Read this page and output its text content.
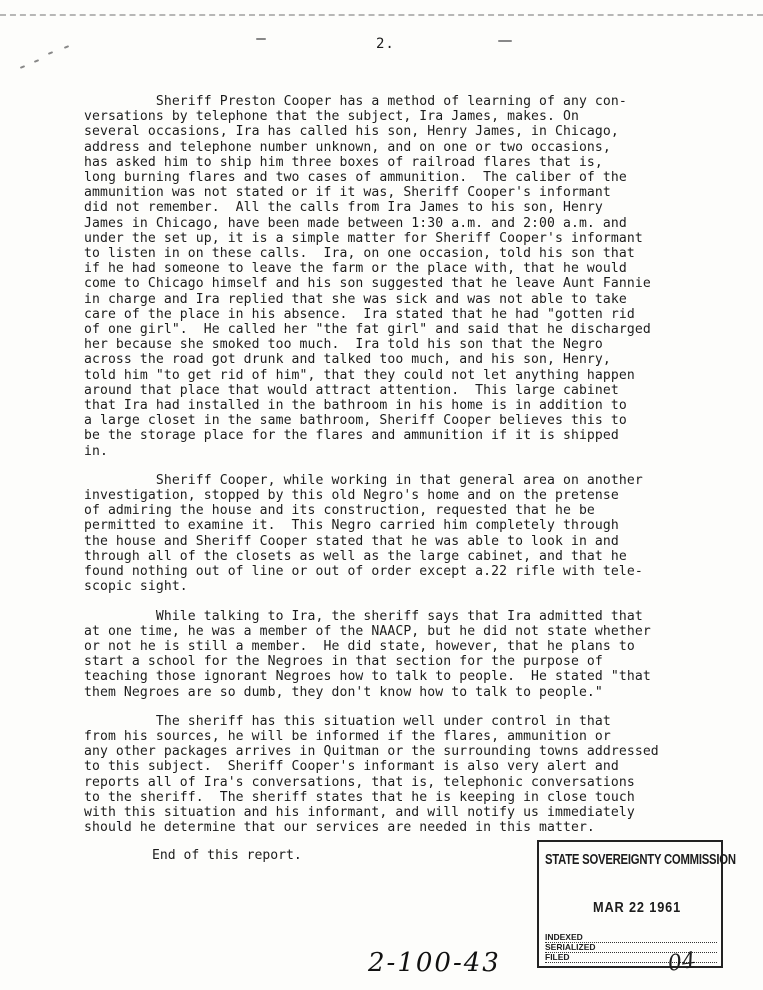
2.

Sheriff Preston Cooper has a method of learning of any con-
versations by telephone that the subject, Ira James, makes. On
several occasions, Ira has called his son, Henry James, in Chicago,
address and telephone number unknown, and on one or two occasions,
has asked him to ship him three boxes of railroad flares that is,
long burning flares and two cases of ammunition.  The caliber of the
ammunition was not stated or if it was, Sheriff Cooper's informant
did not remember.  All the calls from Ira James to his son, Henry
James in Chicago, have been made between 1:30 a.m. and 2:00 a.m. and
under the set up, it is a simple matter for Sheriff Cooper's informant
to listen in on these calls.  Ira, on one occasion, told his son that
if he had someone to leave the farm or the place with, that he would
come to Chicago himself and his son suggested that he leave Aunt Fannie
in charge and Ira replied that she was sick and was not able to take
care of the place in his absence.  Ira stated that he had "gotten rid
of one girl".  He called her "the fat girl" and said that he discharged
her because she smoked too much.  Ira told his son that the Negro
across the road got drunk and talked too much, and his son, Henry,
told him "to get rid of him", that they could not let anything happen
around that place that would attract attention.  This large cabinet
that Ira had installed in the bathroom in his home is in addition to
a large closet in the same bathroom, Sheriff Cooper believes this to
be the storage place for the flares and ammunition if it is shipped
in.

Sheriff Cooper, while working in that general area on another
investigation, stopped by this old Negro's home and on the pretense
of admiring the house and its construction, requested that he be
permitted to examine it.  This Negro carried him completely through
the house and Sheriff Cooper stated that he was able to look in and
through all of the closets as well as the large cabinet, and that he
found nothing out of line or out of order except a.22 rifle with tele-
scopic sight.

While talking to Ira, the sheriff says that Ira admitted that
at one time, he was a member of the NAACP, but he did not state whether
or not he is still a member.  He did state, however, that he plans to
start a school for the Negroes in that section for the purpose of
teaching those ignorant Negroes how to talk to people.  He stated "that
them Negroes are so dumb, they don't know how to talk to people."

The sheriff has this situation well under control in that
from his sources, he will be informed if the flares, ammunition or
any other packages arrives in Quitman or the surrounding towns addressed
to this subject.  Sheriff Cooper's informant is also very alert and
reports all of Ira's conversations, that is, telephonic conversations
to the sheriff.  The sheriff states that he is keeping in close touch
with this situation and his informant, and will notify us immediately
should he determine that our services are needed in this matter.

End of this report.	STATE SOVEREIGNTY COMMISSION
MAR 22 1961
INDEXED
SERIALIZED
FILED	04
2-100-43
